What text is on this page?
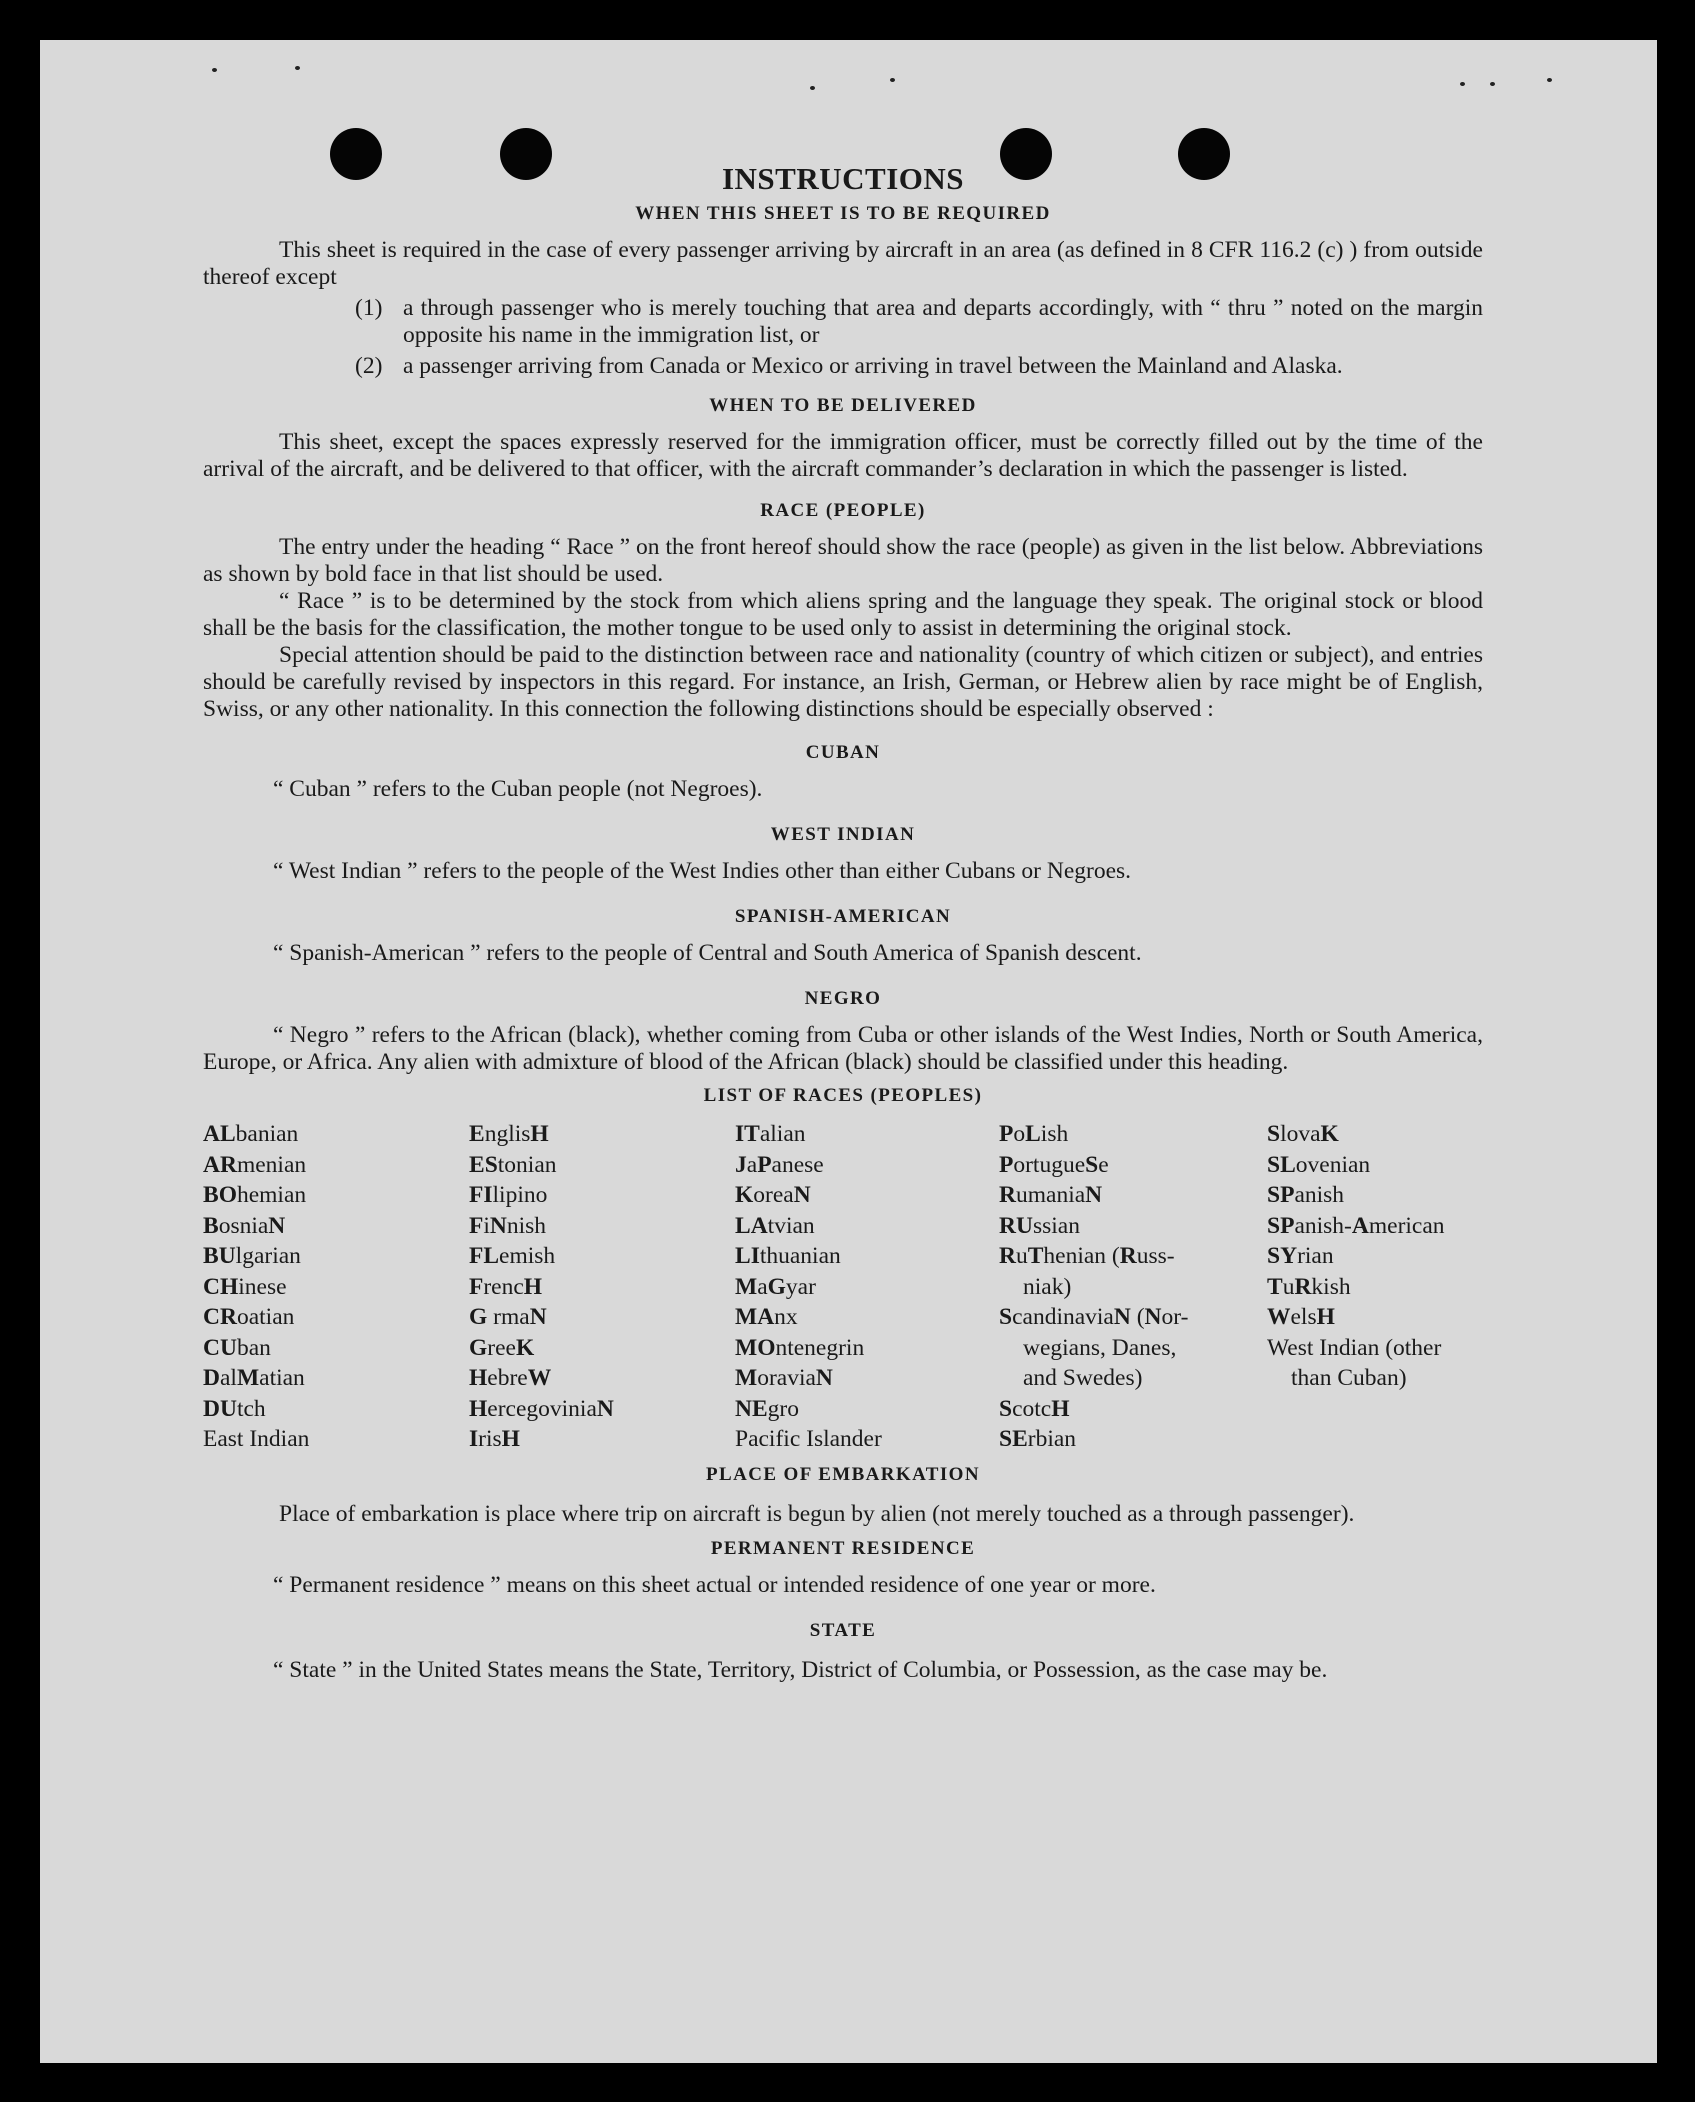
INSTRUCTIONS
WHEN THIS SHEET IS TO BE REQUIRED

This sheet is required in the case of every passenger arriving by aircraft in an area (as defined in 8 CFR 116.2 (c) ) from outside thereof except

(1) a through passenger who is merely touching that area and departs accordingly, with “ thru ” noted on the margin opposite his name in the immigration list, or
(2) a passenger arriving from Canada or Mexico or arriving in travel between the Mainland and Alaska.
WHEN TO BE DELIVERED

This sheet, except the spaces expressly reserved for the immigration officer, must be correctly filled out by the time of the arrival of the aircraft, and be delivered to that officer, with the aircraft commander’s declaration in which the passenger is listed.

RACE (PEOPLE)

The entry under the heading “ Race ” on the front hereof should show the race (people) as given in the list below. Abbreviations as shown by bold face in that list should be used.

“ Race ” is to be determined by the stock from which aliens spring and the language they speak. The original stock or blood shall be the basis for the classification, the mother tongue to be used only to assist in determining the original stock.

Special attention should be paid to the distinction between race and nationality (country of which citizen or subject), and entries should be carefully revised by inspectors in this regard. For instance, an Irish, German, or Hebrew alien by race might be of English, Swiss, or any other nationality. In this connection the following distinctions should be especially observed :

CUBAN

“ Cuban ” refers to the Cuban people (not Negroes).

WEST INDIAN

“ West Indian ” refers to the people of the West Indies other than either Cubans or Negroes.

SPANISH-AMERICAN

“ Spanish-American ” refers to the people of Central and South America of Spanish descent.

NEGRO

“ Negro ” refers to the African (black), whether coming from Cuba or other islands of the West Indies, North or South America, Europe, or Africa. Any alien with admixture of blood of the African (black) should be classified under this heading.

LIST OF RACES (PEOPLES)
ALbanian
ARmenian
BOhemian
BosniaN
BUlgarian
CHinese
CRoatian
CUban
DalMatian
DUtch
East Indian
EnglisH
EStonian
FIlipino
FiNnish
FLemish
FrencH
G rmaN
GreeK
HebreW
HercegoviniaN
IrisH
ITalian
JaPanese
KoreaN
LAtvian
LIthuanian
MaGyar
MAnx
MOntenegrin
MoraviaN
NEgro
Pacific Islander
PoLish
PortugueSe
RumaniaN
RUssian
RuThenian (Russ-
niak)
ScandinaviaN (Nor-
wegians, Danes,
and Swedes)
ScotcH
SErbian
SlovaK
SLovenian
SPanish
SPanish-American
SYrian
TuRkish
WelsH
West Indian (other
than Cuban)
PLACE OF EMBARKATION

Place of embarkation is place where trip on aircraft is begun by alien (not merely touched as a through passenger).

PERMANENT RESIDENCE

“ Permanent residence ” means on this sheet actual or intended residence of one year or more.

STATE

“ State ” in the United States means the State, Territory, District of Columbia, or Possession, as the case may be.
